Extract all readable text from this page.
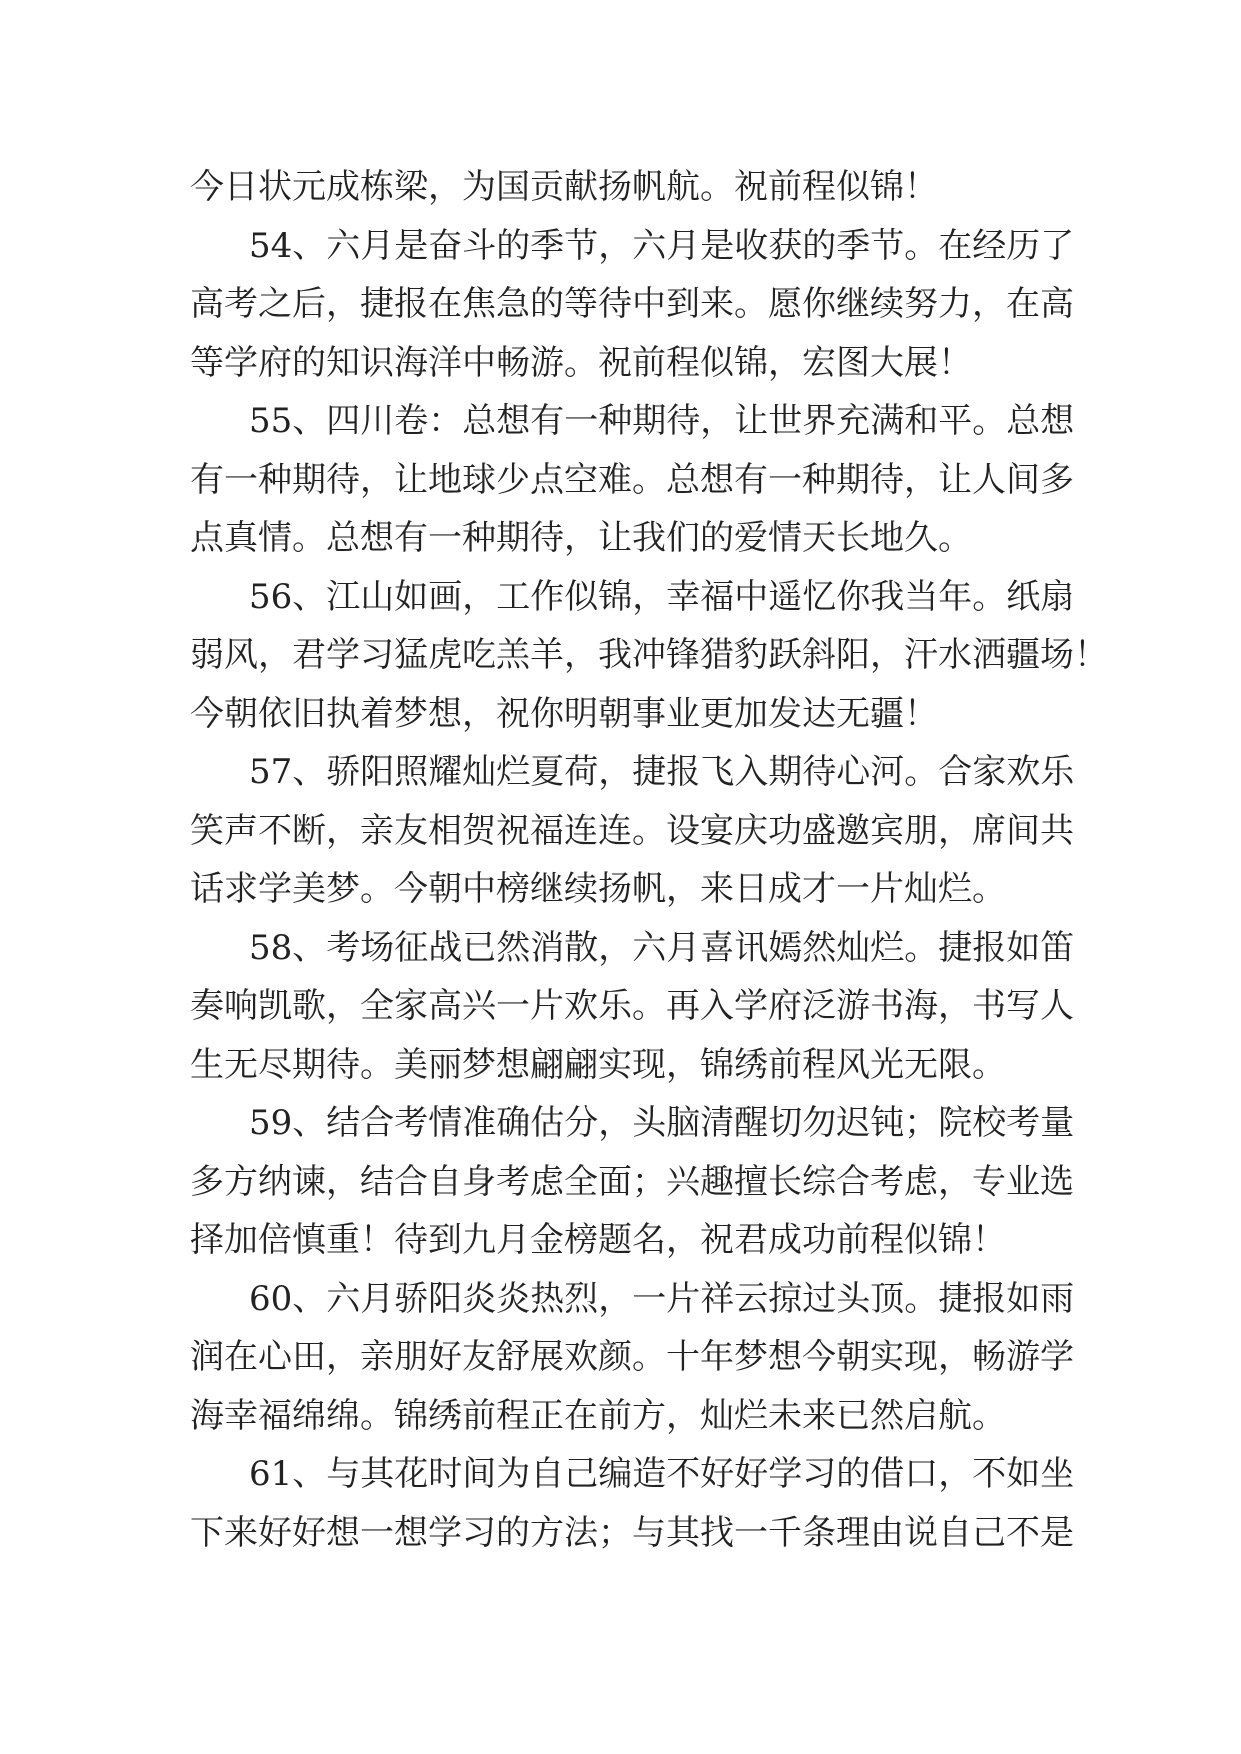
今日状元成栋梁，为国贡献扬帆航。祝前程似锦！
54、六月是奋斗的季节，六月是收获的季节。在经历了
高考之后，捷报在焦急的等待中到来。愿你继续努力，在高
等学府的知识海洋中畅游。祝前程似锦，宏图大展！
55、四川卷：总想有一种期待，让世界充满和平。总想
有一种期待，让地球少点空难。总想有一种期待，让人间多
点真情。总想有一种期待，让我们的爱情天长地久。
56、江山如画，工作似锦，幸福中遥忆你我当年。纸扇
弱风，君学习猛虎吃羔羊，我冲锋猎豹跃斜阳，汗水洒疆场！
今朝依旧执着梦想，祝你明朝事业更加发达无疆！
57、骄阳照耀灿烂夏荷，捷报飞入期待心河。合家欢乐
笑声不断，亲友相贺祝福连连。设宴庆功盛邀宾朋，席间共
话求学美梦。今朝中榜继续扬帆，来日成才一片灿烂。
58、考场征战已然消散，六月喜讯嫣然灿烂。捷报如笛
奏响凯歌，全家高兴一片欢乐。再入学府泛游书海，书写人
生无尽期待。美丽梦想翩翩实现，锦绣前程风光无限。
59、结合考情准确估分，头脑清醒切勿迟钝；院校考量
多方纳谏，结合自身考虑全面；兴趣擅长综合考虑，专业选
择加倍慎重！待到九月金榜题名，祝君成功前程似锦！
60、六月骄阳炎炎热烈，一片祥云掠过头顶。捷报如雨
润在心田，亲朋好友舒展欢颜。十年梦想今朝实现，畅游学
海幸福绵绵。锦绣前程正在前方，灿烂未来已然启航。
61、与其花时间为自己编造不好好学习的借口，不如坐
下来好好想一想学习的方法；与其找一千条理由说自己不是
